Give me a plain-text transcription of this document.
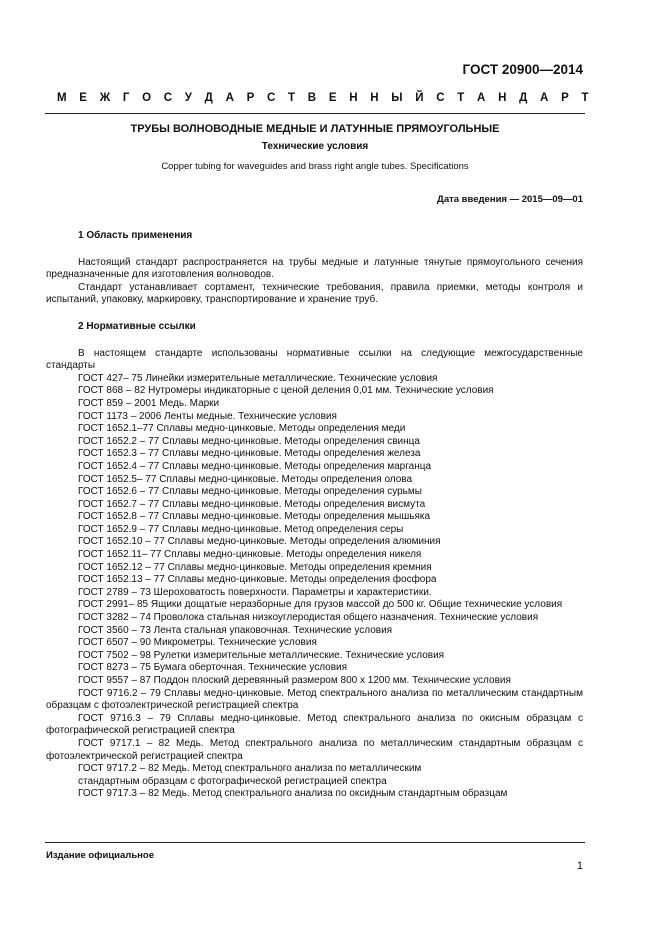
ГОСТ 20900—2014
М Е Ж Г О С У Д А Р С Т В Е Н Н Ы Й С Т А Н Д А Р Т
ТРУБЫ ВОЛНОВОДНЫЕ МЕДНЫЕ И ЛАТУННЫЕ ПРЯМОУГОЛЬНЫЕ
Технические условия
Copper tubing for waveguides and brass right angle tubes. Specifications
Дата введения — 2015—09—01

1 Область применения

Настоящий стандарт распространяется на трубы медные и латунные тянутые прямоугольного сечения предназначенные для изготовления волноводов.

Стандарт устанавливает сортамент, технические требования, правила приемки, методы контроля и испытаний, упаковку, маркировку, транспортирование и хранение труб.

2 Нормативные ссылки

В настоящем стандарте использованы нормативные ссылки на следующие межгосударственные стандарты

ГОСТ 427– 75 Линейки измерительные металлические. Технические условия

ГОСТ 868 – 82 Нутромеры индикаторные с ценой деления 0,01 мм. Технические условия

ГОСТ 859 – 2001 Медь. Марки

ГОСТ 1173 – 2006 Ленты медные. Технические условия

ГОСТ 1652.1–77 Сплавы медно-цинковые. Методы определения меди

ГОСТ 1652.2 – 77 Сплавы медно-цинковые. Методы определения свинца

ГОСТ 1652.3 – 77 Сплавы медно-цинковые. Методы определения железа

ГОСТ 1652.4 – 77 Сплавы медно-цинковые. Методы определения марганца

ГОСТ 1652.5– 77 Сплавы медно-цинковые. Методы определения олова

ГОСТ 1652.6 – 77 Сплавы медно-цинковые. Методы определения сурьмы

ГОСТ 1652.7 – 77 Сплавы медно-цинковые. Методы определения висмута

ГОСТ 1652.8 – 77 Сплавы медно-цинковые. Методы определения мышьяка

ГОСТ 1652.9 – 77 Сплавы медно-цинковые. Метод определения серы

ГОСТ 1652.10 – 77 Сплавы медно-цинковые. Методы определения алюминия

ГОСТ 1652.11– 77 Сплавы медно-цинковые. Методы определения никеля

ГОСТ 1652.12 – 77 Сплавы медно-цинковые. Методы определения кремния

ГОСТ 1652.13 – 77 Сплавы медно-цинковые. Методы определения фосфора

ГОСТ 2789 – 73 Шероховатость поверхности. Параметры и характеристики.

ГОСТ 2991– 85 Ящики дощатые неразборные для грузов массой до 500 кг. Общие технические условия

ГОСТ 3282 – 74 Проволока стальная низкоуглеродистая общего назначения. Технические условия

ГОСТ 3560 – 73 Лента стальная упаковочная. Технические условия

ГОСТ 6507 – 90 Микрометры. Технические условия

ГОСТ 7502 – 98 Рулетки измерительные металлические. Технические условия

ГОСТ 8273 – 75 Бумага оберточная. Технические условия

ГОСТ 9557 – 87 Поддон плоский деревянный размером 800 х 1200 мм. Технические условия

ГОСТ 9716.2 – 79 Сплавы медно-цинковые. Метод спектрального анализа по металлическим стандартным образцам с фотоэлектрической регистрацией спектра

ГОСТ 9716.3 – 79 Сплавы медно-цинковые. Метод спектрального анализа по окисным образцам с фотографической регистрацией спектра

ГОСТ 9717.1 – 82 Медь. Метод спектрального анализа по металлическим стандартным образцам с фотоэлектрической регистрацией спектра

ГОСТ 9717.2 – 82 Медь. Метод спектрального анализа по металлическим
стандартным образцам с фотографической регистрацией спектра

ГОСТ 9717.3 – 82 Медь. Метод спектрального анализа по оксидным стандартным образцам

Издание официальное
1
